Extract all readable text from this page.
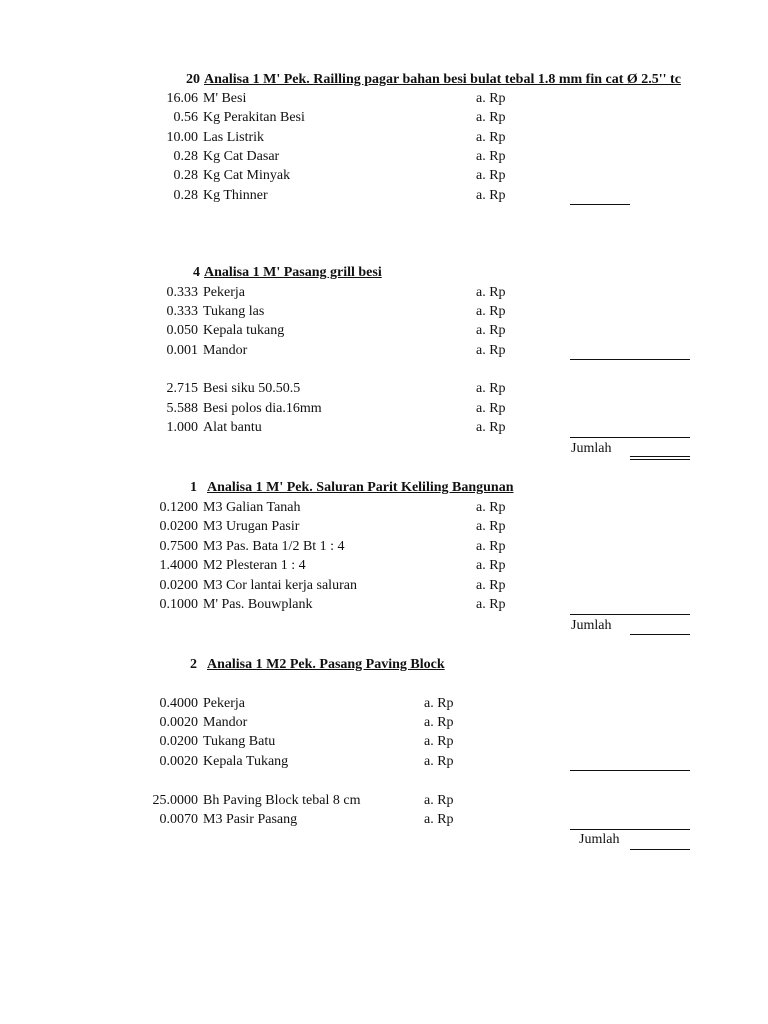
20 Analisa 1 M' Pek. Railling pagar bahan besi bulat tebal 1.8 mm fin cat Ø 2.5'' tc
16.06 M' Besi	a. Rp
0.56 Kg Perakitan Besi	a. Rp
10.00 Las Listrik	a. Rp
0.28 Kg Cat Dasar	a. Rp
0.28 Kg Cat Minyak	a. Rp
0.28 Kg Thinner	a. Rp
4 Analisa 1 M' Pasang grill besi
0.333 Pekerja	a. Rp
0.333 Tukang las	a. Rp
0.050 Kepala tukang	a. Rp
0.001 Mandor	a. Rp
2.715 Besi siku 50.50.5	a. Rp
5.588 Besi polos dia.16mm	a. Rp
1.000 Alat bantu	a. Rp
Jumlah
1 Analisa 1 M' Pek. Saluran Parit Keliling Bangunan
0.1200 M3 Galian Tanah	a. Rp
0.0200 M3 Urugan Pasir	a. Rp
0.7500 M3 Pas. Bata 1/2 Bt 1 : 4	a. Rp
1.4000 M2 Plesteran 1 : 4	a. Rp
0.0200 M3 Cor lantai kerja saluran	a. Rp
0.1000 M' Pas. Bouwplank	a. Rp
Jumlah
2 Analisa 1 M2 Pek. Pasang Paving Block
0.4000 Pekerja	a. Rp
0.0020 Mandor	a. Rp
0.0200 Tukang Batu	a. Rp
0.0020 Kepala Tukang	a. Rp
25.0000 Bh Paving Block tebal 8 cm	a. Rp
0.0070 M3 Pasir Pasang	a. Rp
Jumlah
